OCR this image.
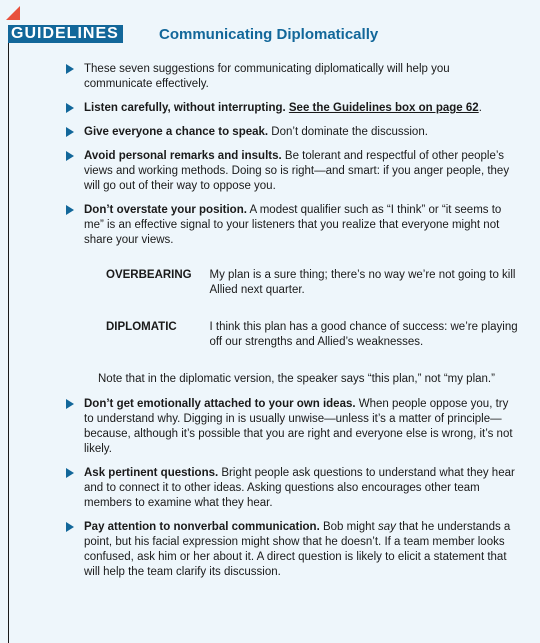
GUIDELINES	Communicating Diplomatically
These seven suggestions for communicating diplomatically will help you communicate effectively.
Listen carefully, without interrupting. See the Guidelines box on page 62.
Give everyone a chance to speak. Don’t dominate the discussion.
Avoid personal remarks and insults. Be tolerant and respectful of other people’s views and working methods. Doing so is right—and smart: if you anger people, they will go out of their way to oppose you.
Don’t overstate your position. A modest qualifier such as “I think” or “it seems to me” is an effective signal to your listeners that you realize that everyone might not share your views.
OVERBEARING	My plan is a sure thing; there’s no way we’re not going to kill Allied next quarter.
DIPLOMATIC	I think this plan has a good chance of success: we’re playing off our strengths and Allied’s weaknesses.
Note that in the diplomatic version, the speaker says “this plan,” not “my plan.”
Don’t get emotionally attached to your own ideas. When people oppose you, try to understand why. Digging in is usually unwise—unless it’s a matter of principle—because, although it’s possible that you are right and everyone else is wrong, it’s not likely.
Ask pertinent questions. Bright people ask questions to understand what they hear and to connect it to other ideas. Asking questions also encourages other team members to examine what they hear.
Pay attention to nonverbal communication. Bob might say that he understands a point, but his facial expression might show that he doesn’t. If a team member looks confused, ask him or her about it. A direct question is likely to elicit a statement that will help the team clarify its discussion.
